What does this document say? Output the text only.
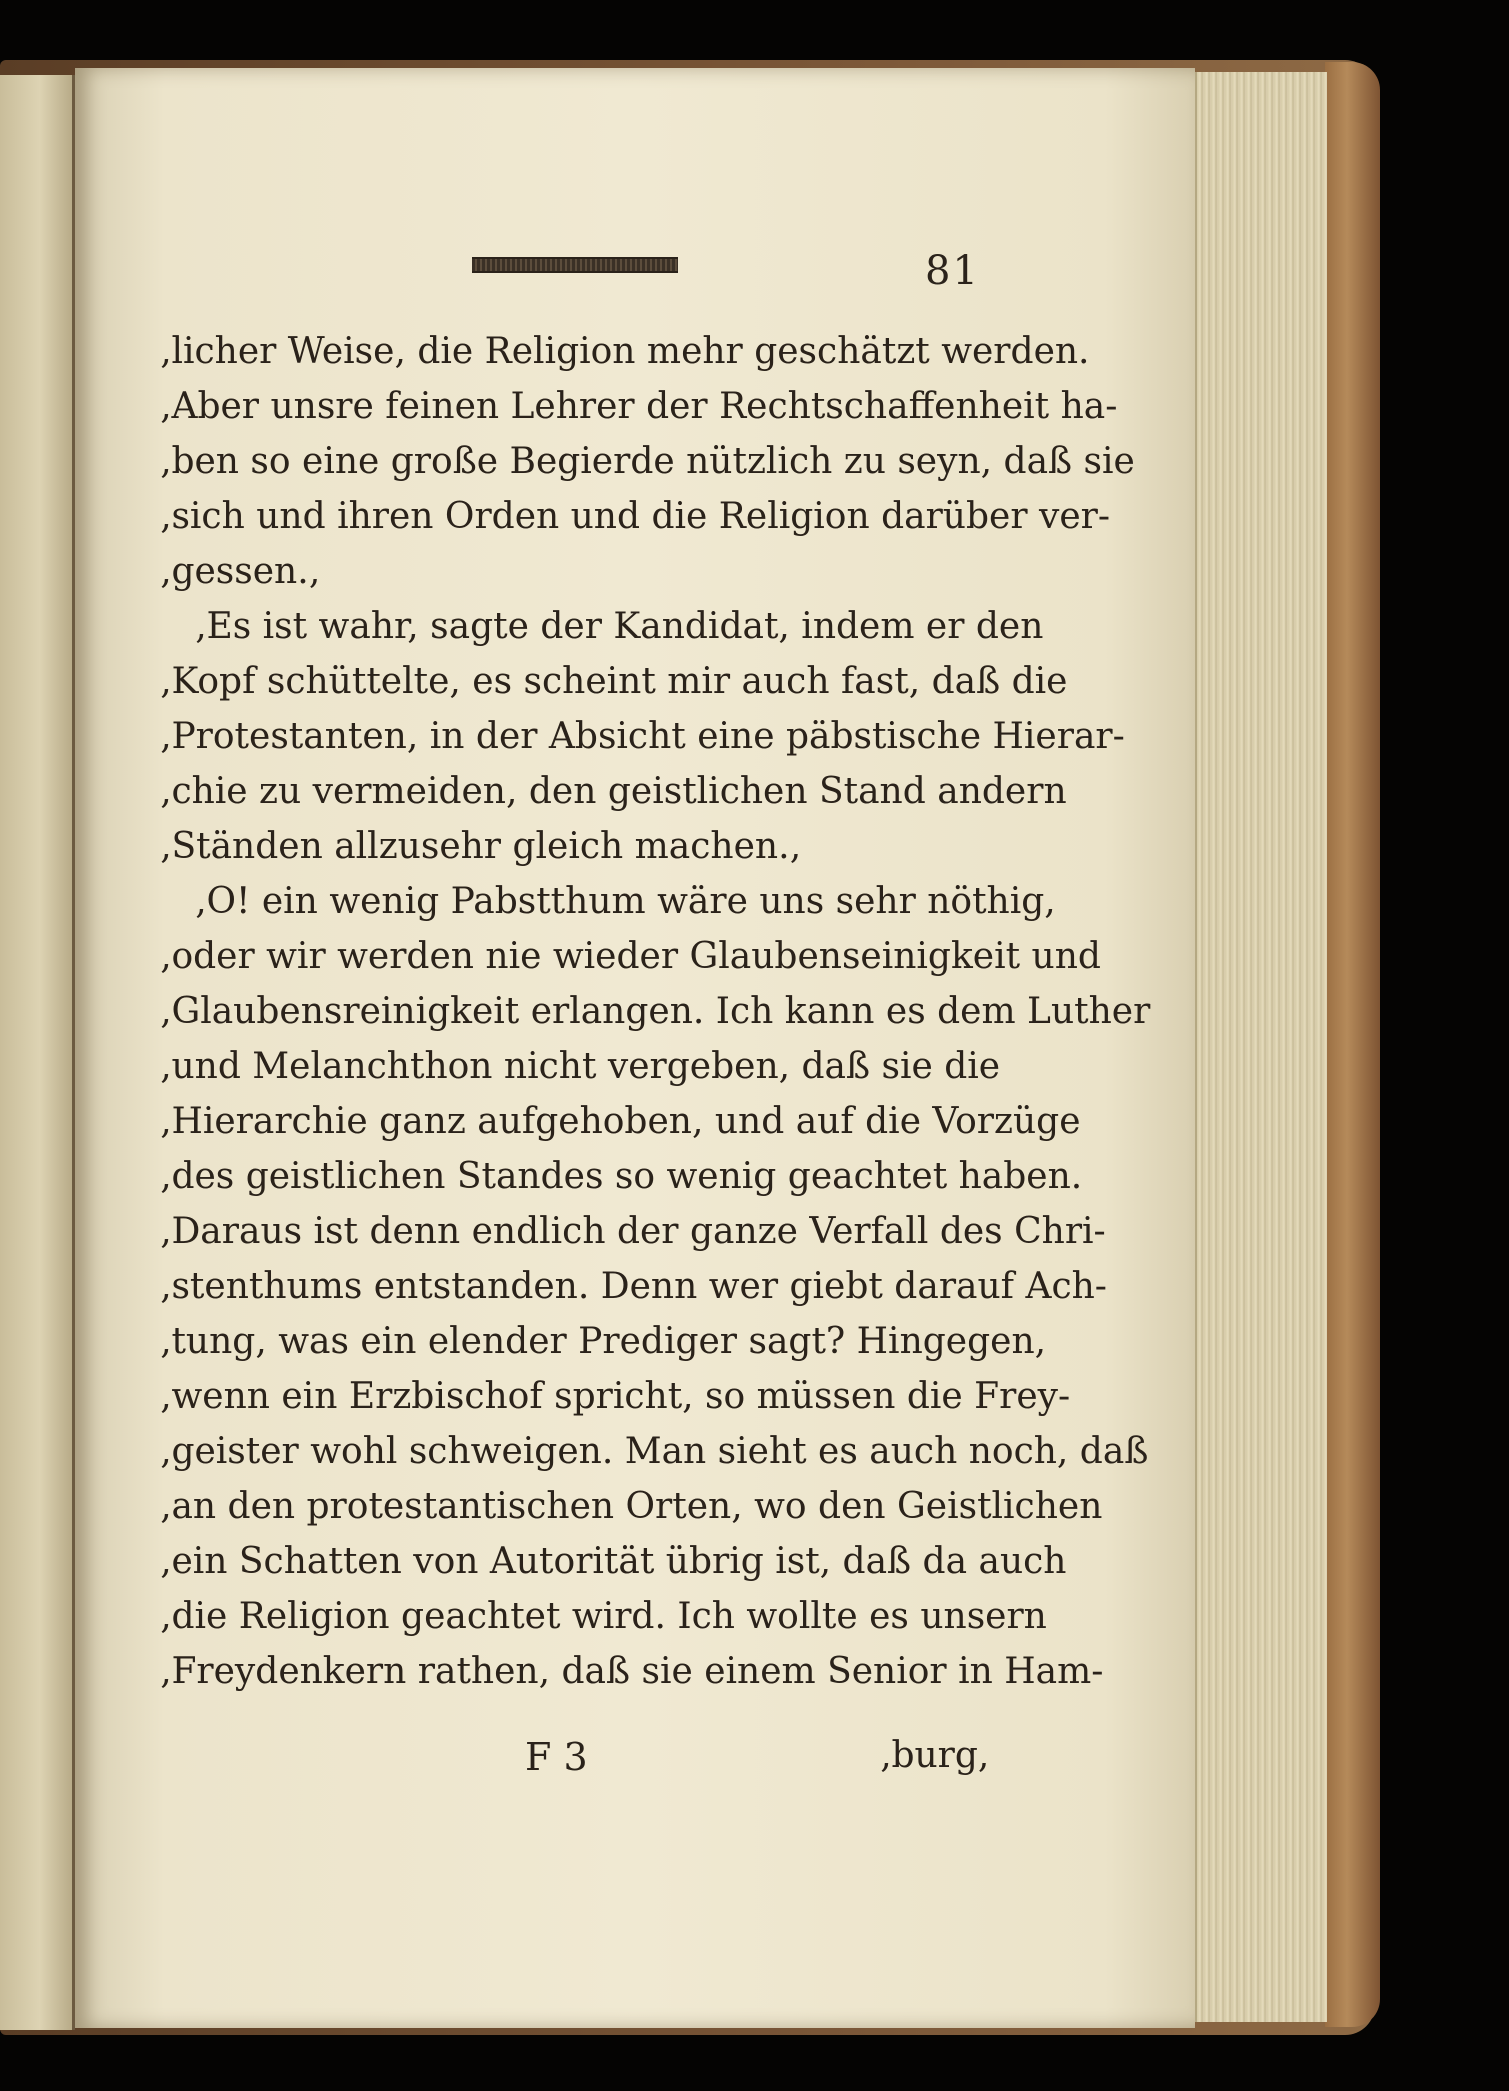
81
‚licher Weise, die Religion mehr geschätzt werden.
‚Aber unsre feinen Lehrer der Rechtschaffenheit ha‑
‚ben so eine große Begierde nützlich zu seyn, daß sie
‚sich und ihren Orden und die Religion darüber ver‑
‚gessen.‚
‚Es ist wahr, sagte der Kandidat, indem er den
‚Kopf schüttelte, es scheint mir auch fast, daß die
‚Protestanten, in der Absicht eine päbstische Hierar‑
‚chie zu vermeiden, den geistlichen Stand andern
‚Ständen allzusehr gleich machen.‚
‚O! ein wenig Pabstthum wäre uns sehr nöthig,
‚oder wir werden nie wieder Glaubenseinigkeit und
‚Glaubensreinigkeit erlangen. Ich kann es dem Luther
‚und Melanchthon nicht vergeben, daß sie die
‚Hierarchie ganz aufgehoben, und auf die Vorzüge
‚des geistlichen Standes so wenig geachtet haben.
‚Daraus ist denn endlich der ganze Verfall des Chri‑
‚stenthums entstanden. Denn wer giebt darauf Ach‑
‚tung, was ein elender Prediger sagt? Hingegen,
‚wenn ein Erzbischof spricht, so müssen die Frey‑
‚geister wohl schweigen. Man sieht es auch noch, daß
‚an den protestantischen Orten, wo den Geistlichen
‚ein Schatten von Autorität übrig ist, daß da auch
‚die Religion geachtet wird. Ich wollte es unsern
‚Freydenkern rathen, daß sie einem Senior in Ham‑
F 3	‚burg,
